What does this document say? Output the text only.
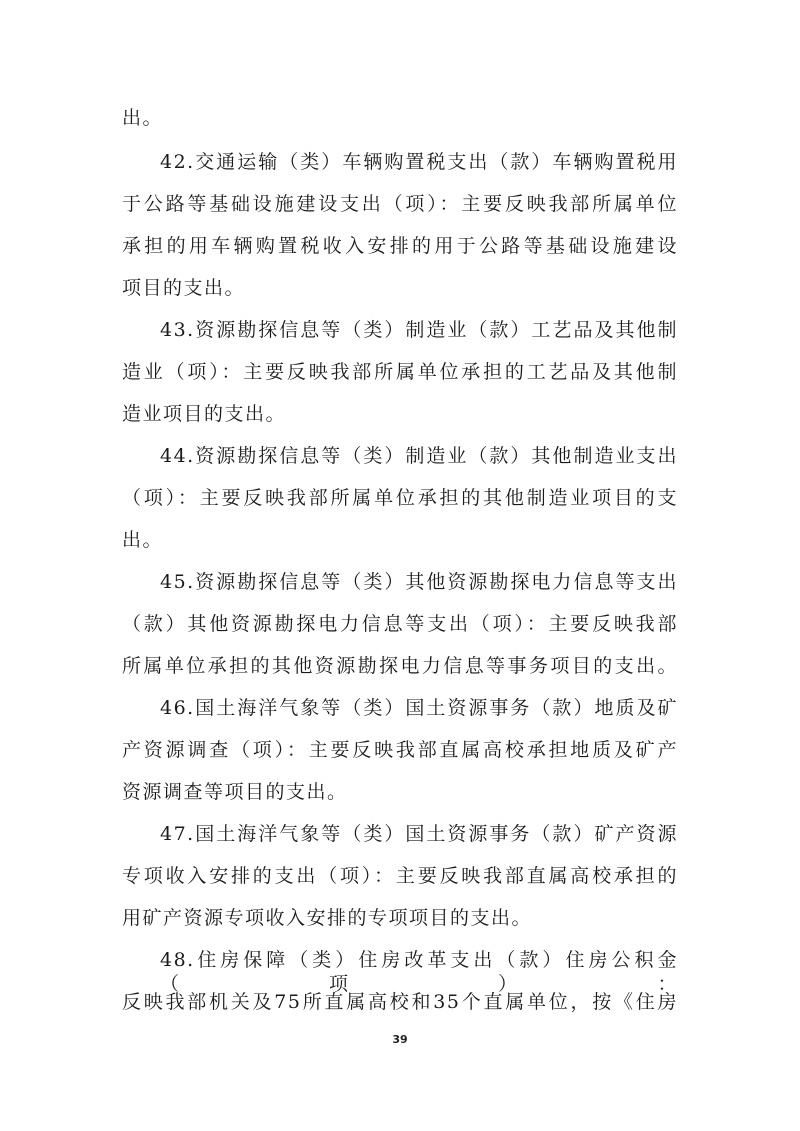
出。
42.交通运输（类）车辆购置税支出（款）车辆购置税用
于公路等基础设施建设支出（项）：主要反映我部所属单位
承担的用车辆购置税收入安排的用于公路等基础设施建设
项目的支出。
43.资源勘探信息等（类）制造业（款）工艺品及其他制
造业（项）：主要反映我部所属单位承担的工艺品及其他制
造业项目的支出。
44.资源勘探信息等（类）制造业（款）其他制造业支出
（项）：主要反映我部所属单位承担的其他制造业项目的支
出。
45.资源勘探信息等（类）其他资源勘探电力信息等支出
（款）其他资源勘探电力信息等支出（项）：主要反映我部
所属单位承担的其他资源勘探电力信息等事务项目的支出。
46.国土海洋气象等（类）国土资源事务（款）地质及矿
产资源调查（项）：主要反映我部直属高校承担地质及矿产
资源调查等项目的支出。
47.国土海洋气象等（类）国土资源事务（款）矿产资源
专项收入安排的支出（项）：主要反映我部直属高校承担的
用矿产资源专项收入安排的专项项目的支出。
48.住房保障（类）住房改革支出（款）住房公积金（项）：
反映我部机关及75所直属高校和35个直属单位，按《住房
39
